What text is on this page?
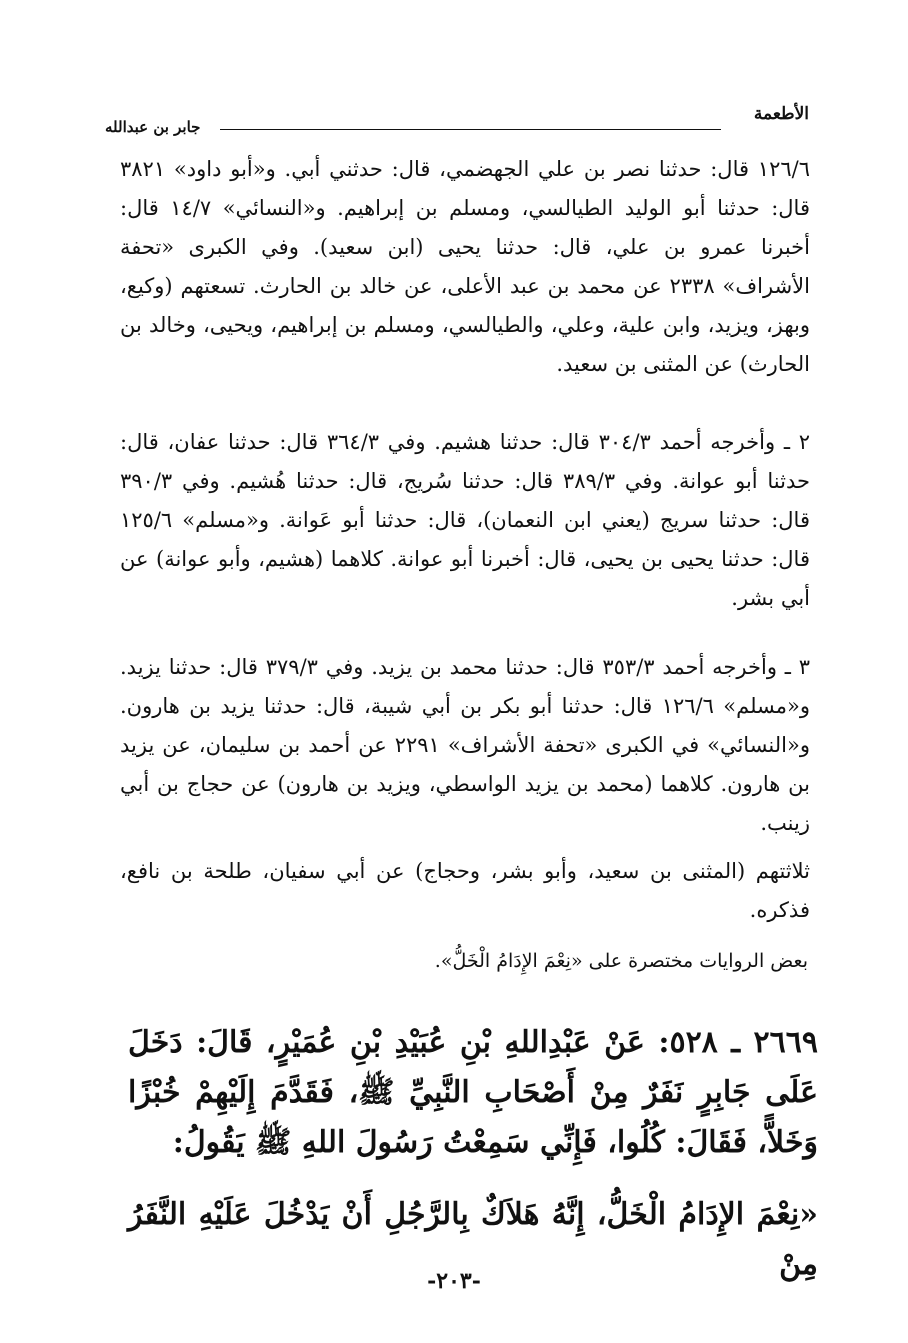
الأطعمة
جابر بن عبدالله

١٢٦/٦ قال: حدثنا نصر بن علي الجهضمي، قال: حدثني أبي. و«أبو داود» ٣٨٢١ قال: حدثنا أبو الوليد الطيالسي، ومسلم بن إبراهيم. و«النسائي» ١٤/٧ قال: أخبرنا عمرو بن علي، قال: حدثنا يحيى (ابن سعيد). وفي الكبرى «تحفة الأشراف» ٢٣٣٨ عن محمد بن عبد الأعلى، عن خالد بن الحارث. تسعتهم (وكيع، وبهز، ويزيد، وابن علية، وعلي، والطيالسي، ومسلم بن إبراهيم، ويحيى، وخالد بن الحارث) عن المثنى بن سعيد.

٢ ـ وأخرجه أحمد ٣٠٤/٣ قال: حدثنا هشيم. وفي ٣٦٤/٣ قال: حدثنا عفان، قال: حدثنا أبو عوانة. وفي ٣٨٩/٣ قال: حدثنا سُريج، قال: حدثنا هُشيم. وفي ٣٩٠/٣ قال: حدثنا سريج (يعني ابن النعمان)، قال: حدثنا أبو عَوانة. و«مسلم» ١٢٥/٦ قال: حدثنا يحيى بن يحيى، قال: أخبرنا أبو عوانة. كلاهما (هشيم، وأبو عوانة) عن أبي بشر.

٣ ـ وأخرجه أحمد ٣٥٣/٣ قال: حدثنا محمد بن يزيد. وفي ٣٧٩/٣ قال: حدثنا يزيد. و«مسلم» ١٢٦/٦ قال: حدثنا أبو بكر بن أبي شيبة، قال: حدثنا يزيد بن هارون. و«النسائي» في الكبرى «تحفة الأشراف» ٢٢٩١ عن أحمد بن سليمان، عن يزيد بن هارون. كلاهما (محمد بن يزيد الواسطي، ويزيد بن هارون) عن حجاج بن أبي زينب.

ثلاثتهم (المثنى بن سعيد، وأبو بشر، وحجاج) عن أبي سفيان، طلحة بن نافع، فذكره.

بعض الروايات مختصرة على «نِعْمَ الإِدَامُ الْخَلُّ».
٢٦٦٩ ـ ٥٢٨: عَنْ عَبْدِاللهِ بْنِ عُبَيْدِ بْنِ عُمَيْرٍ، قَالَ: دَخَلَ عَلَى جَابِرٍ نَفَرٌ مِنْ أَصْحَابِ النَّبِيِّ ﷺ، فَقَدَّمَ إِلَيْهِمْ خُبْزًا وَخَلاًّ، فَقَالَ: كُلُوا، فَإِنِّي سَمِعْتُ رَسُولَ اللهِ ﷺ يَقُولُ:
«نِعْمَ الإِدَامُ الْخَلُّ، إِنَّهُ هَلاَكٌ بِالرَّجُلِ أَنْ يَدْخُلَ عَلَيْهِ النَّفَرُ مِنْ
-٢٠٣-
